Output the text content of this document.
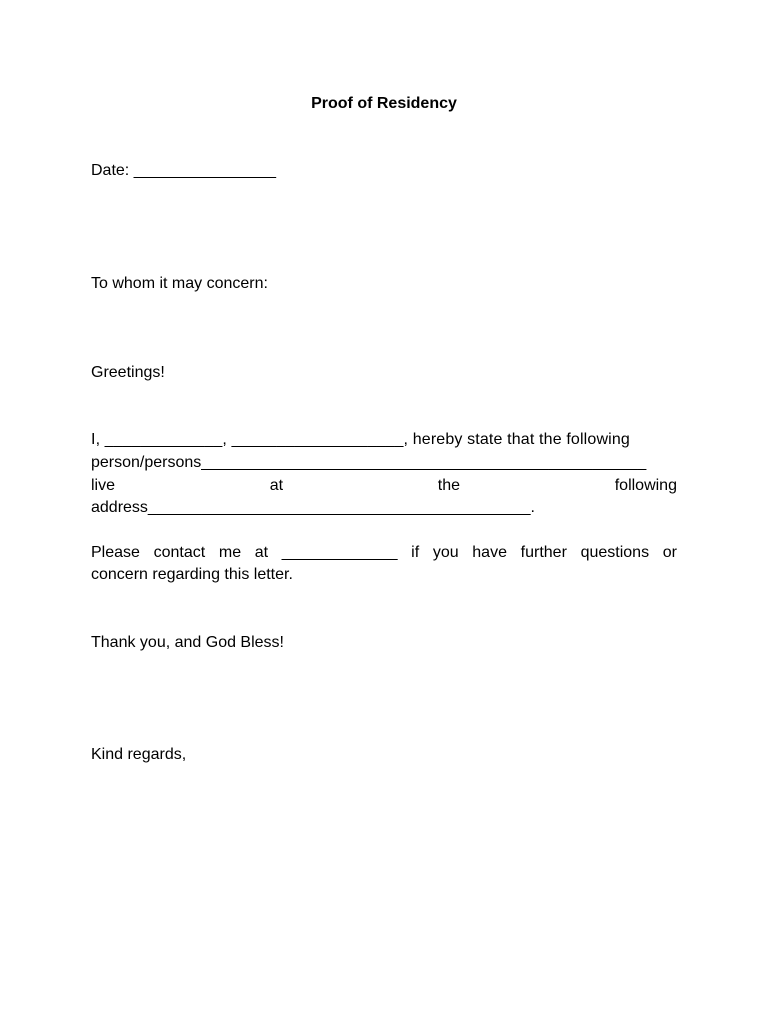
Proof of Residency
Date: ________________
To whom it may concern:
Greetings!
I, _____________, ___________________, hereby state that the following
person/persons__________________________________________________
live	at	the	following
address___________________________________________.
Please contact me at _____________ if you have further questions or
concern regarding this letter.
Thank you, and God Bless!
Kind regards,
